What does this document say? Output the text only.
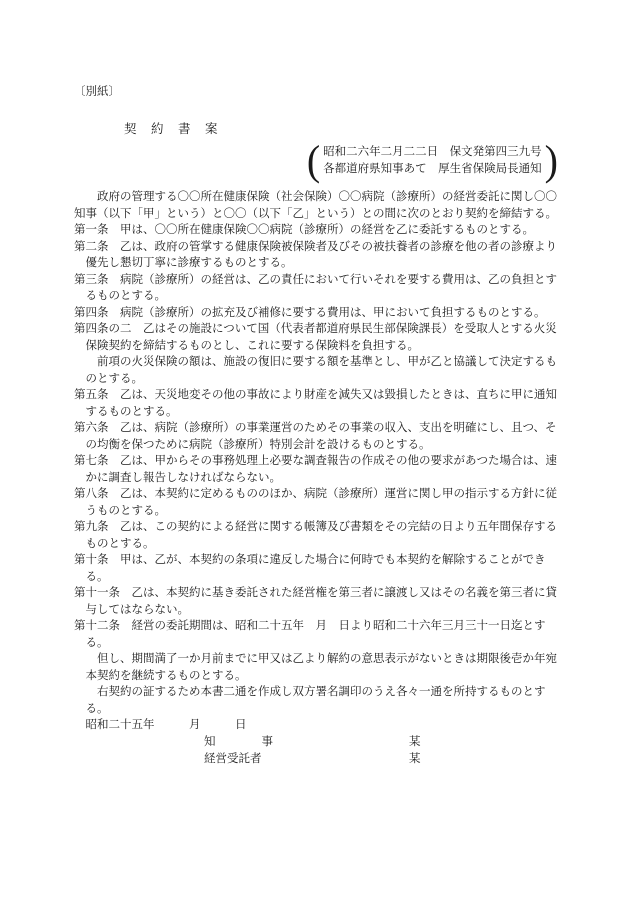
〔別紙〕

契　約　書　案

( 昭和二六年二月二二日　保文発第四三九号
各都道府県知事あて　厚生省保険局長通知 )

政府の管理する〇〇所在健康保険（社会保険）〇〇病院（診療所）の経営委託に関し〇〇知事（以下「甲」という）と〇〇（以下「乙」という）との間に次のとおり契約を締結する。

第一条　甲は、〇〇所在健康保険〇〇病院（診療所）の経営を乙に委託するものとする。

第二条　乙は、政府の管掌する健康保険被保険者及びその被扶養者の診療を他の者の診療より優先し懇切丁寧に診療するものとする。

第三条　病院（診療所）の経営は、乙の責任において行いそれを要する費用は、乙の負担とするものとする。

第四条　病院（診療所）の拡充及び補修に要する費用は、甲において負担するものとする。

第四条の二　乙はその施設について国（代表者都道府県民生部保険課長）を受取人とする火災保険契約を締結するものとし、これに要する保険料を負担する。

前項の火災保険の額は、施設の復旧に要する額を基準とし、甲が乙と協議して決定するものとする。

第五条　乙は、天災地変その他の事故により財産を減失又は毀損したときは、直ちに甲に通知するものとする。

第六条　乙は、病院（診療所）の事業運営のためその事業の収入、支出を明確にし、且つ、その均衡を保つために病院（診療所）特別会計を設けるものとする。

第七条　乙は、甲からその事務処理上必要な調査報告の作成その他の要求があつた場合は、速かに調査し報告しなければならない。

第八条　乙は、本契約に定めるもののほか、病院（診療所）運営に関し甲の指示する方針に従うものとする。

第九条　乙は、この契約による経営に関する帳簿及び書類をその完結の日より五年間保存するものとする。

第十条　甲は、乙が、本契約の条項に違反した場合に何時でも本契約を解除することができる。

第十一条　乙は、本契約に基き委託された経営権を第三者に譲渡し又はその名義を第三者に貸与してはならない。

第十二条　経営の委託期間は、昭和二十五年　月　日より昭和二十六年三月三十一日迄とする。

但し、期間満了一か月前までに甲又は乙より解約の意思表示がないときは期限後壱か年宛本契約を継続するものとする。

右契約の証するため本書二通を作成し双方署名調印のうえ各々一通を所持するものとする。

昭和二十五年　　　月　　　日

知　　　　事	某
経営受託者	某
